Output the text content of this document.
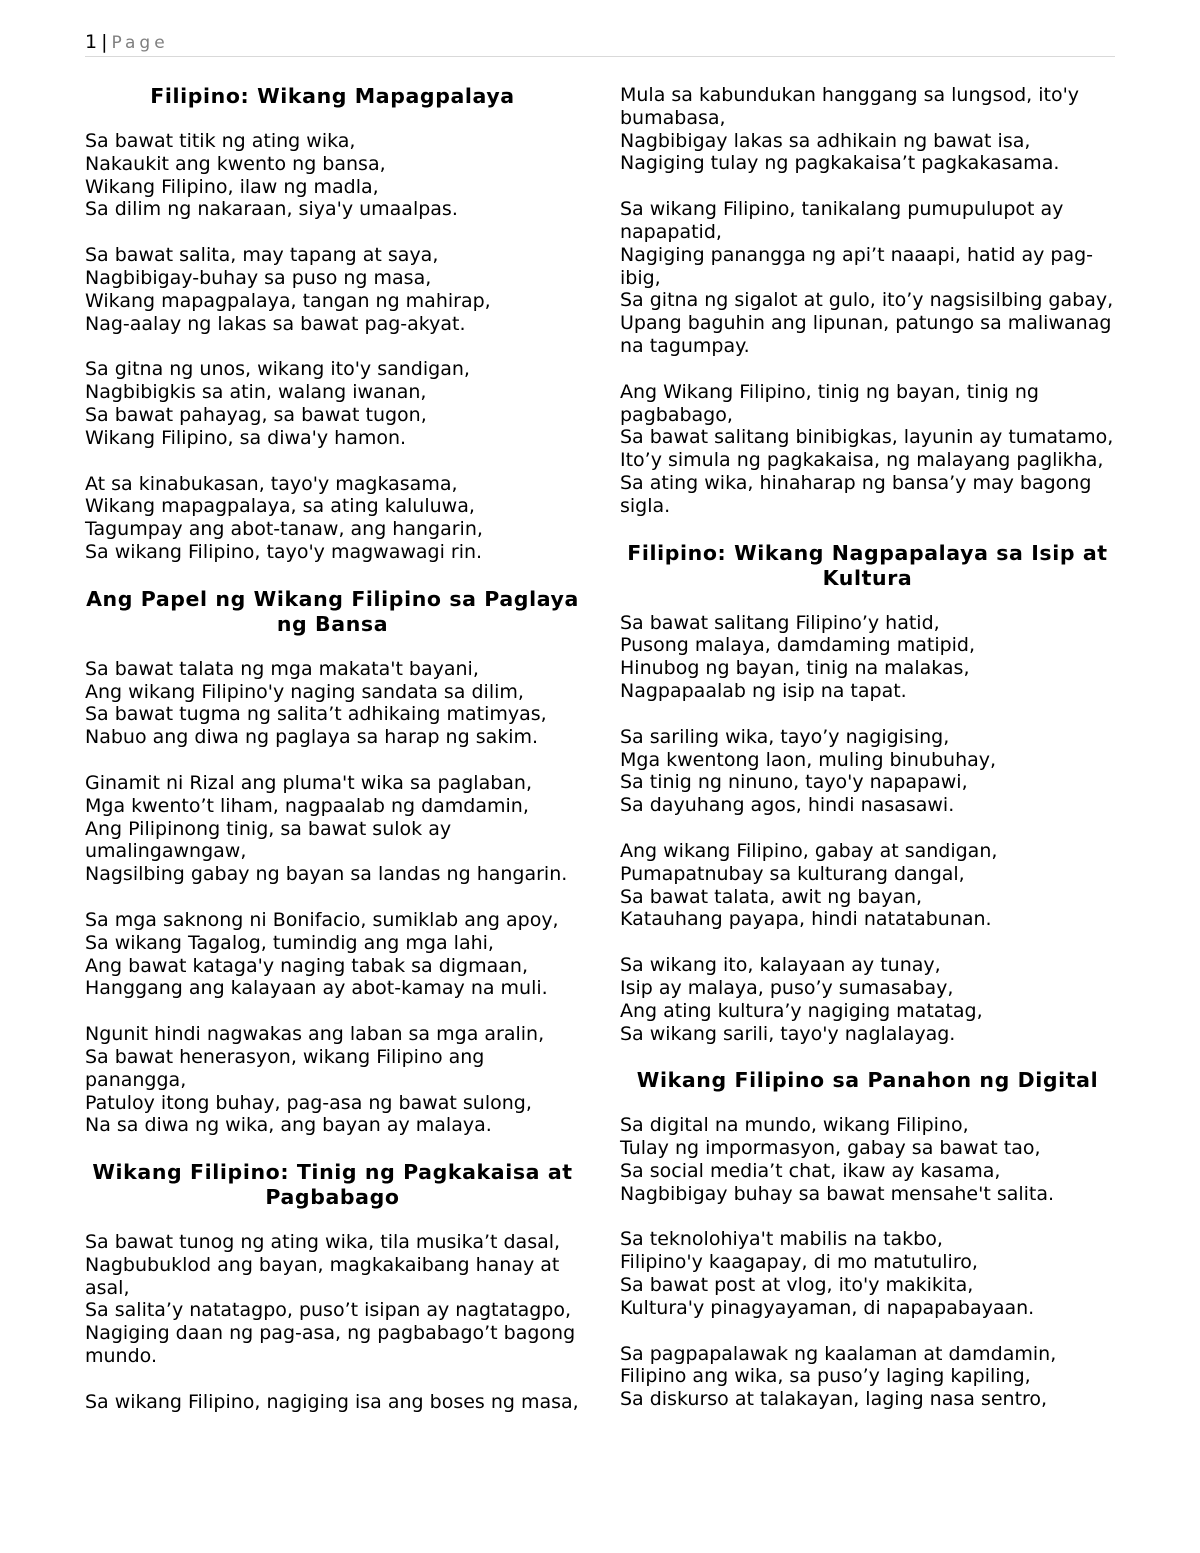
1 | Page
Filipino: Wikang Mapagpalaya
Sa bawat titik ng ating wika,
Nakaukit ang kwento ng bansa,
Wikang Filipino, ilaw ng madla,
Sa dilim ng nakaraan, siya'y umaalpas.
Sa bawat salita, may tapang at saya,
Nagbibigay-buhay sa puso ng masa,
Wikang mapagpalaya, tangan ng mahirap,
Nag-aalay ng lakas sa bawat pag-akyat.
Sa gitna ng unos, wikang ito'y sandigan,
Nagbibigkis sa atin, walang iwanan,
Sa bawat pahayag, sa bawat tugon,
Wikang Filipino, sa diwa'y hamon.
At sa kinabukasan, tayo'y magkasama,
Wikang mapagpalaya, sa ating kaluluwa,
Tagumpay ang abot-tanaw, ang hangarin,
Sa wikang Filipino, tayo'y magwawagi rin.
Ang Papel ng Wikang Filipino sa Paglaya ng Bansa
Sa bawat talata ng mga makata't bayani,
Ang wikang Filipino'y naging sandata sa dilim,
Sa bawat tugma ng salita’t adhikaing matimyas,
Nabuo ang diwa ng paglaya sa harap ng sakim.
Ginamit ni Rizal ang pluma't wika sa paglaban,
Mga kwento’t liham, nagpaalab ng damdamin,
Ang Pilipinong tinig, sa bawat sulok ay umalingawngaw,
Nagsilbing gabay ng bayan sa landas ng hangarin.
Sa mga saknong ni Bonifacio, sumiklab ang apoy,
Sa wikang Tagalog, tumindig ang mga lahi,
Ang bawat kataga'y naging tabak sa digmaan,
Hanggang ang kalayaan ay abot-kamay na muli.
Ngunit hindi nagwakas ang laban sa mga aralin,
Sa bawat henerasyon, wikang Filipino ang panangga,
Patuloy itong buhay, pag-asa ng bawat sulong,
Na sa diwa ng wika, ang bayan ay malaya.
Wikang Filipino: Tinig ng Pagkakaisa at Pagbabago
Sa bawat tunog ng ating wika, tila musika’t dasal,
Nagbubuklod ang bayan, magkakaibang hanay at asal,
Sa salita’y natatagpo, puso’t isipan ay nagtatagpo,
Nagiging daan ng pag-asa, ng pagbabago’t bagong mundo.
Sa wikang Filipino, nagiging isa ang boses ng masa,
Mula sa kabundukan hanggang sa lungsod, ito'y bumabasa,
Nagbibigay lakas sa adhikain ng bawat isa,
Nagiging tulay ng pagkakaisa’t pagkakasama.
Sa wikang Filipino, tanikalang pumupulupot ay napapatid,
Nagiging panangga ng api’t naaapi, hatid ay pag-ibig,
Sa gitna ng sigalot at gulo, ito’y nagsisilbing gabay,
Upang baguhin ang lipunan, patungo sa maliwanag na tagumpay.
Ang Wikang Filipino, tinig ng bayan, tinig ng pagbabago,
Sa bawat salitang binibigkas, layunin ay tumatamo,
Ito’y simula ng pagkakaisa, ng malayang paglikha,
Sa ating wika, hinaharap ng bansa’y may bagong sigla.
Filipino: Wikang Nagpapalaya sa Isip at Kultura
Sa bawat salitang Filipino’y hatid,
Pusong malaya, damdaming matipid,
Hinubog ng bayan, tinig na malakas,
Nagpapaalab ng isip na tapat.
Sa sariling wika, tayo’y nagigising,
Mga kwentong laon, muling binubuhay,
Sa tinig ng ninuno, tayo'y napapawi,
Sa dayuhang agos, hindi nasasawi.
Ang wikang Filipino, gabay at sandigan,
Pumapatnubay sa kulturang dangal,
Sa bawat talata, awit ng bayan,
Katauhang payapa, hindi natatabunan.
Sa wikang ito, kalayaan ay tunay,
Isip ay malaya, puso’y sumasabay,
Ang ating kultura’y nagiging matatag,
Sa wikang sarili, tayo'y naglalayag.
Wikang Filipino sa Panahon ng Digital
Sa digital na mundo, wikang Filipino,
Tulay ng impormasyon, gabay sa bawat tao,
Sa social media’t chat, ikaw ay kasama,
Nagbibigay buhay sa bawat mensahe't salita.
Sa teknolohiya't mabilis na takbo,
Filipino'y kaagapay, di mo matutuliro,
Sa bawat post at vlog, ito'y makikita,
Kultura'y pinagyayaman, di napapabayaan.
Sa pagpapalawak ng kaalaman at damdamin,
Filipino ang wika, sa puso’y laging kapiling,
Sa diskurso at talakayan, laging nasa sentro,
